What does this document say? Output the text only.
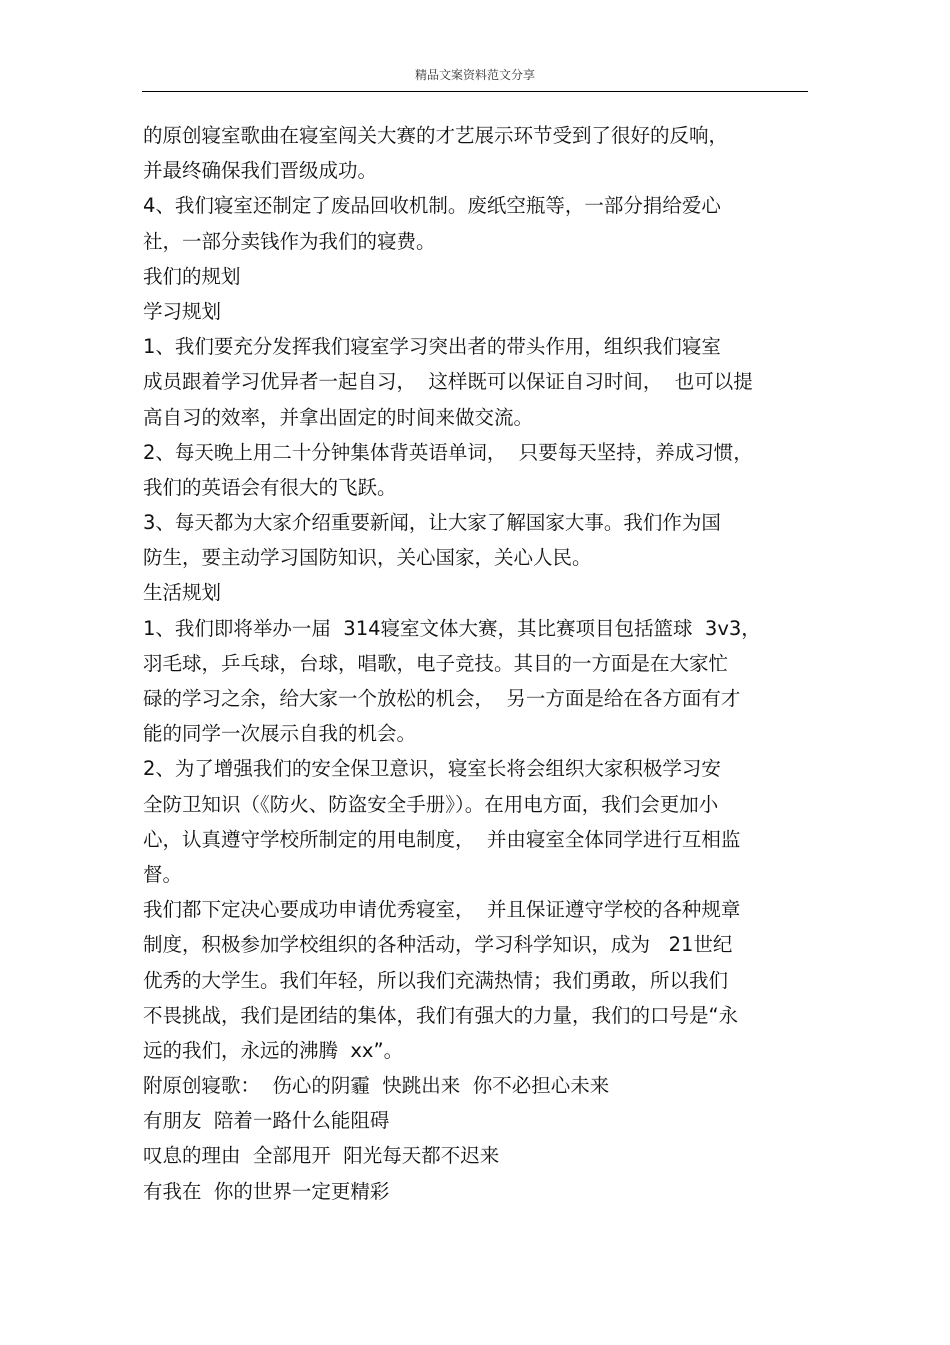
精品文案资料范文分享
的原创寝室歌曲在寝室闯关大赛的才艺展示环节受到了很好的反响，
并最终确保我们晋级成功。
4、我们寝室还制定了废品回收机制。废纸空瓶等，一部分捐给爱心
社，一部分卖钱作为我们的寝费。
我们的规划
学习规划
1、我们要充分发挥我们寝室学习突出者的带头作用，组织我们寝室
成员跟着学习优异者一起自习，  这样既可以保证自习时间，  也可以提
高自习的效率，并拿出固定的时间来做交流。
2、每天晚上用二十分钟集体背英语单词，  只要每天坚持，养成习惯，
我们的英语会有很大的飞跃。
3、每天都为大家介绍重要新闻，让大家了解国家大事。我们作为国
防生，要主动学习国防知识，关心国家，关心人民。
生活规划
1、我们即将举办一届  314寝室文体大赛，其比赛项目包括篮球  3v3，
羽毛球，乒乓球，台球，唱歌，电子竞技。其目的一方面是在大家忙
碌的学习之余，给大家一个放松的机会，  另一方面是给在各方面有才
能的同学一次展示自我的机会。
2、为了增强我们的安全保卫意识，寝室长将会组织大家积极学习安
全防卫知识（《防火、防盗安全手册》）。在用电方面，我们会更加小
心，认真遵守学校所制定的用电制度，  并由寝室全体同学进行互相监
督。
我们都下定决心要成功申请优秀寝室，  并且保证遵守学校的各种规章
制度，积极参加学校组织的各种活动，学习科学知识，成为   21世纪
优秀的大学生。我们年轻，所以我们充满热情；我们勇敢，所以我们
不畏挑战，我们是团结的集体，我们有强大的力量，我们的口号是“永
远的我们，永远的沸腾  xx”。
附原创寝歌：  伤心的阴霾  快跳出来  你不必担心未来
有朋友  陪着一路什么能阻碍
叹息的理由  全部甩开  阳光每天都不迟来
有我在  你的世界一定更精彩
